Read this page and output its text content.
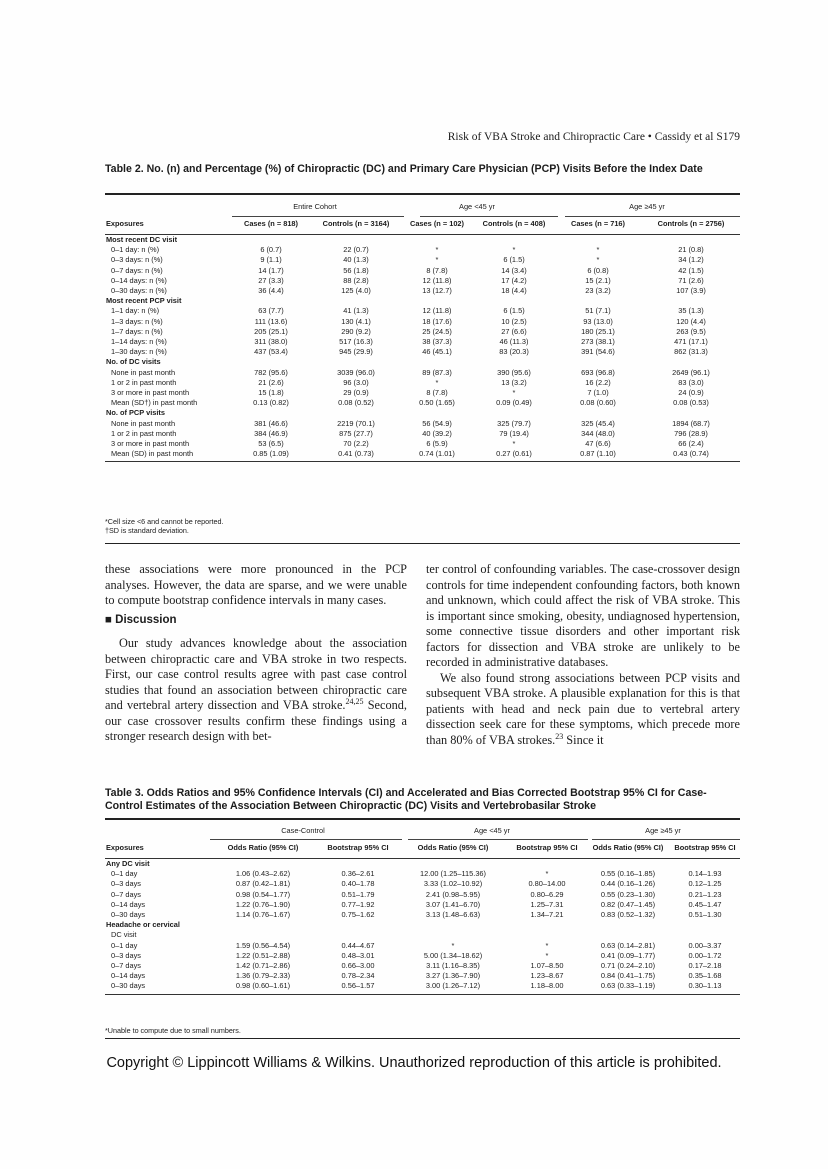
Risk of VBA Stroke and Chiropractic Care • Cassidy et al S179
Table 2. No. (n) and Percentage (%) of Chiropractic (DC) and Primary Care Physician (PCP) Visits Before the Index Date
	Entire Cohort		Age <45 yr		Age ≥45 yr	
Exposures	Cases (n = 818)	Controls (n = 3164)	Cases (n = 102)	Controls (n = 408)	Cases (n = 716)	Controls (n = 2756)
Most recent DC visit						
0–1 day: n (%)	6 (0.7)	22 (0.7)	*	*	*	21 (0.8)
0–3 days: n (%)	9 (1.1)	40 (1.3)	*	6 (1.5)	*	34 (1.2)
0–7 days: n (%)	14 (1.7)	56 (1.8)	8 (7.8)	14 (3.4)	6 (0.8)	42 (1.5)
0–14 days: n (%)	27 (3.3)	88 (2.8)	12 (11.8)	17 (4.2)	15 (2.1)	71 (2.6)
0–30 days: n (%)	36 (4.4)	125 (4.0)	13 (12.7)	18 (4.4)	23 (3.2)	107 (3.9)
Most recent PCP visit						
1–1 day: n (%)	63 (7.7)	41 (1.3)	12 (11.8)	6 (1.5)	51 (7.1)	35 (1.3)
1–3 days: n (%)	111 (13.6)	130 (4.1)	18 (17.6)	10 (2.5)	93 (13.0)	120 (4.4)
1–7 days: n (%)	205 (25.1)	290 (9.2)	25 (24.5)	27 (6.6)	180 (25.1)	263 (9.5)
1–14 days: n (%)	311 (38.0)	517 (16.3)	38 (37.3)	46 (11.3)	273 (38.1)	471 (17.1)
1–30 days: n (%)	437 (53.4)	945 (29.9)	46 (45.1)	83 (20.3)	391 (54.6)	862 (31.3)
No. of DC visits						
None in past month	782 (95.6)	3039 (96.0)	89 (87.3)	390 (95.6)	693 (96.8)	2649 (96.1)
1 or 2 in past month	21 (2.6)	96 (3.0)	*	13 (3.2)	16 (2.2)	83 (3.0)
3 or more in past month	15 (1.8)	29 (0.9)	8 (7.8)	*	7 (1.0)	24 (0.9)
Mean (SD†) in past month	0.13 (0.82)	0.08 (0.52)	0.50 (1.65)	0.09 (0.49)	0.08 (0.60)	0.08 (0.53)
No. of PCP visits						
None in past month	381 (46.6)	2219 (70.1)	56 (54.9)	325 (79.7)	325 (45.4)	1894 (68.7)
1 or 2 in past month	384 (46.9)	875 (27.7)	40 (39.2)	79 (19.4)	344 (48.0)	796 (28.9)
3 or more in past month	53 (6.5)	70 (2.2)	6 (5.9)	*	47 (6.6)	66 (2.4)
Mean (SD) in past month	0.85 (1.09)	0.41 (0.73)	0.74 (1.01)	0.27 (0.61)	0.87 (1.10)	0.43 (0.74)
*Cell size <6 and cannot be reported.
†SD is standard deviation.

these associations were more pronounced in the PCP analyses. However, the data are sparse, and we were unable to compute bootstrap confidence intervals in many cases.

■ Discussion

Our study advances knowledge about the association between chiropractic care and VBA stroke in two respects. First, our case control results agree with past case control studies that found an association between chiropractic care and vertebral artery dissection and VBA stroke.$^{24,25}$ Second, our case crossover results confirm these findings using a stronger research design with bet-

ter control of confounding variables. The case-crossover design controls for time independent confounding factors, both known and unknown, which could affect the risk of VBA stroke. This is important since smoking, obesity, undiagnosed hypertension, some connective tissue disorders and other important risk factors for dissection and VBA stroke are unlikely to be recorded in administrative databases.

We also found strong associations between PCP visits and subsequent VBA stroke. A plausible explanation for this is that patients with head and neck pain due to vertebral artery dissection seek care for these symptoms, which precede more than 80% of VBA strokes.$^{23}$ Since it

Table 3. Odds Ratios and 95% Confidence Intervals (CI) and Accelerated and Bias Corrected Bootstrap 95% CI for Case-Control Estimates of the Association Between Chiropractic (DC) Visits and Vertebrobasilar Stroke
	Case-Control		Age <45 yr		Age ≥45 yr	
Exposures	Odds Ratio (95% CI)	Bootstrap 95% CI	Odds Ratio (95% CI)	Bootstrap 95% CI	Odds Ratio (95% CI)	Bootstrap 95% CI
Any DC visit						
0–1 day	1.06 (0.43–2.62)	0.36–2.61	12.00 (1.25–115.36)	*	0.55 (0.16–1.85)	0.14–1.93
0–3 days	0.87 (0.42–1.81)	0.40–1.78	3.33 (1.02–10.92)	0.80–14.00	0.44 (0.16–1.26)	0.12–1.25
0–7 days	0.98 (0.54–1.77)	0.51–1.79	2.41 (0.98–5.95)	0.80–6.29	0.55 (0.23–1.30)	0.21–1.23
0–14 days	1.22 (0.76–1.90)	0.77–1.92	3.07 (1.41–6.70)	1.25–7.31	0.82 (0.47–1.45)	0.45–1.47
0–30 days	1.14 (0.76–1.67)	0.75–1.62	3.13 (1.48–6.63)	1.34–7.21	0.83 (0.52–1.32)	0.51–1.30
Headache or cervical						
DC visit						
0–1 day	1.59 (0.56–4.54)	0.44–4.67	*	*	0.63 (0.14–2.81)	0.00–3.37
0–3 days	1.22 (0.51–2.88)	0.48–3.01	5.00 (1.34–18.62)	*	0.41 (0.09–1.77)	0.00–1.72
0–7 days	1.42 (0.71–2.86)	0.66–3.00	3.11 (1.16–8.35)	1.07–8.50	0.71 (0.24–2.10)	0.17–2.18
0–14 days	1.36 (0.79–2.33)	0.78–2.34	3.27 (1.36–7.90)	1.23–8.67	0.84 (0.41–1.75)	0.35–1.68
0–30 days	0.98 (0.60–1.61)	0.56–1.57	3.00 (1.26–7.12)	1.18–8.00	0.63 (0.33–1.19)	0.30–1.13
*Unable to compute due to small numbers.
Copyright © Lippincott Williams & Wilkins. Unauthorized reproduction of this article is prohibited.
